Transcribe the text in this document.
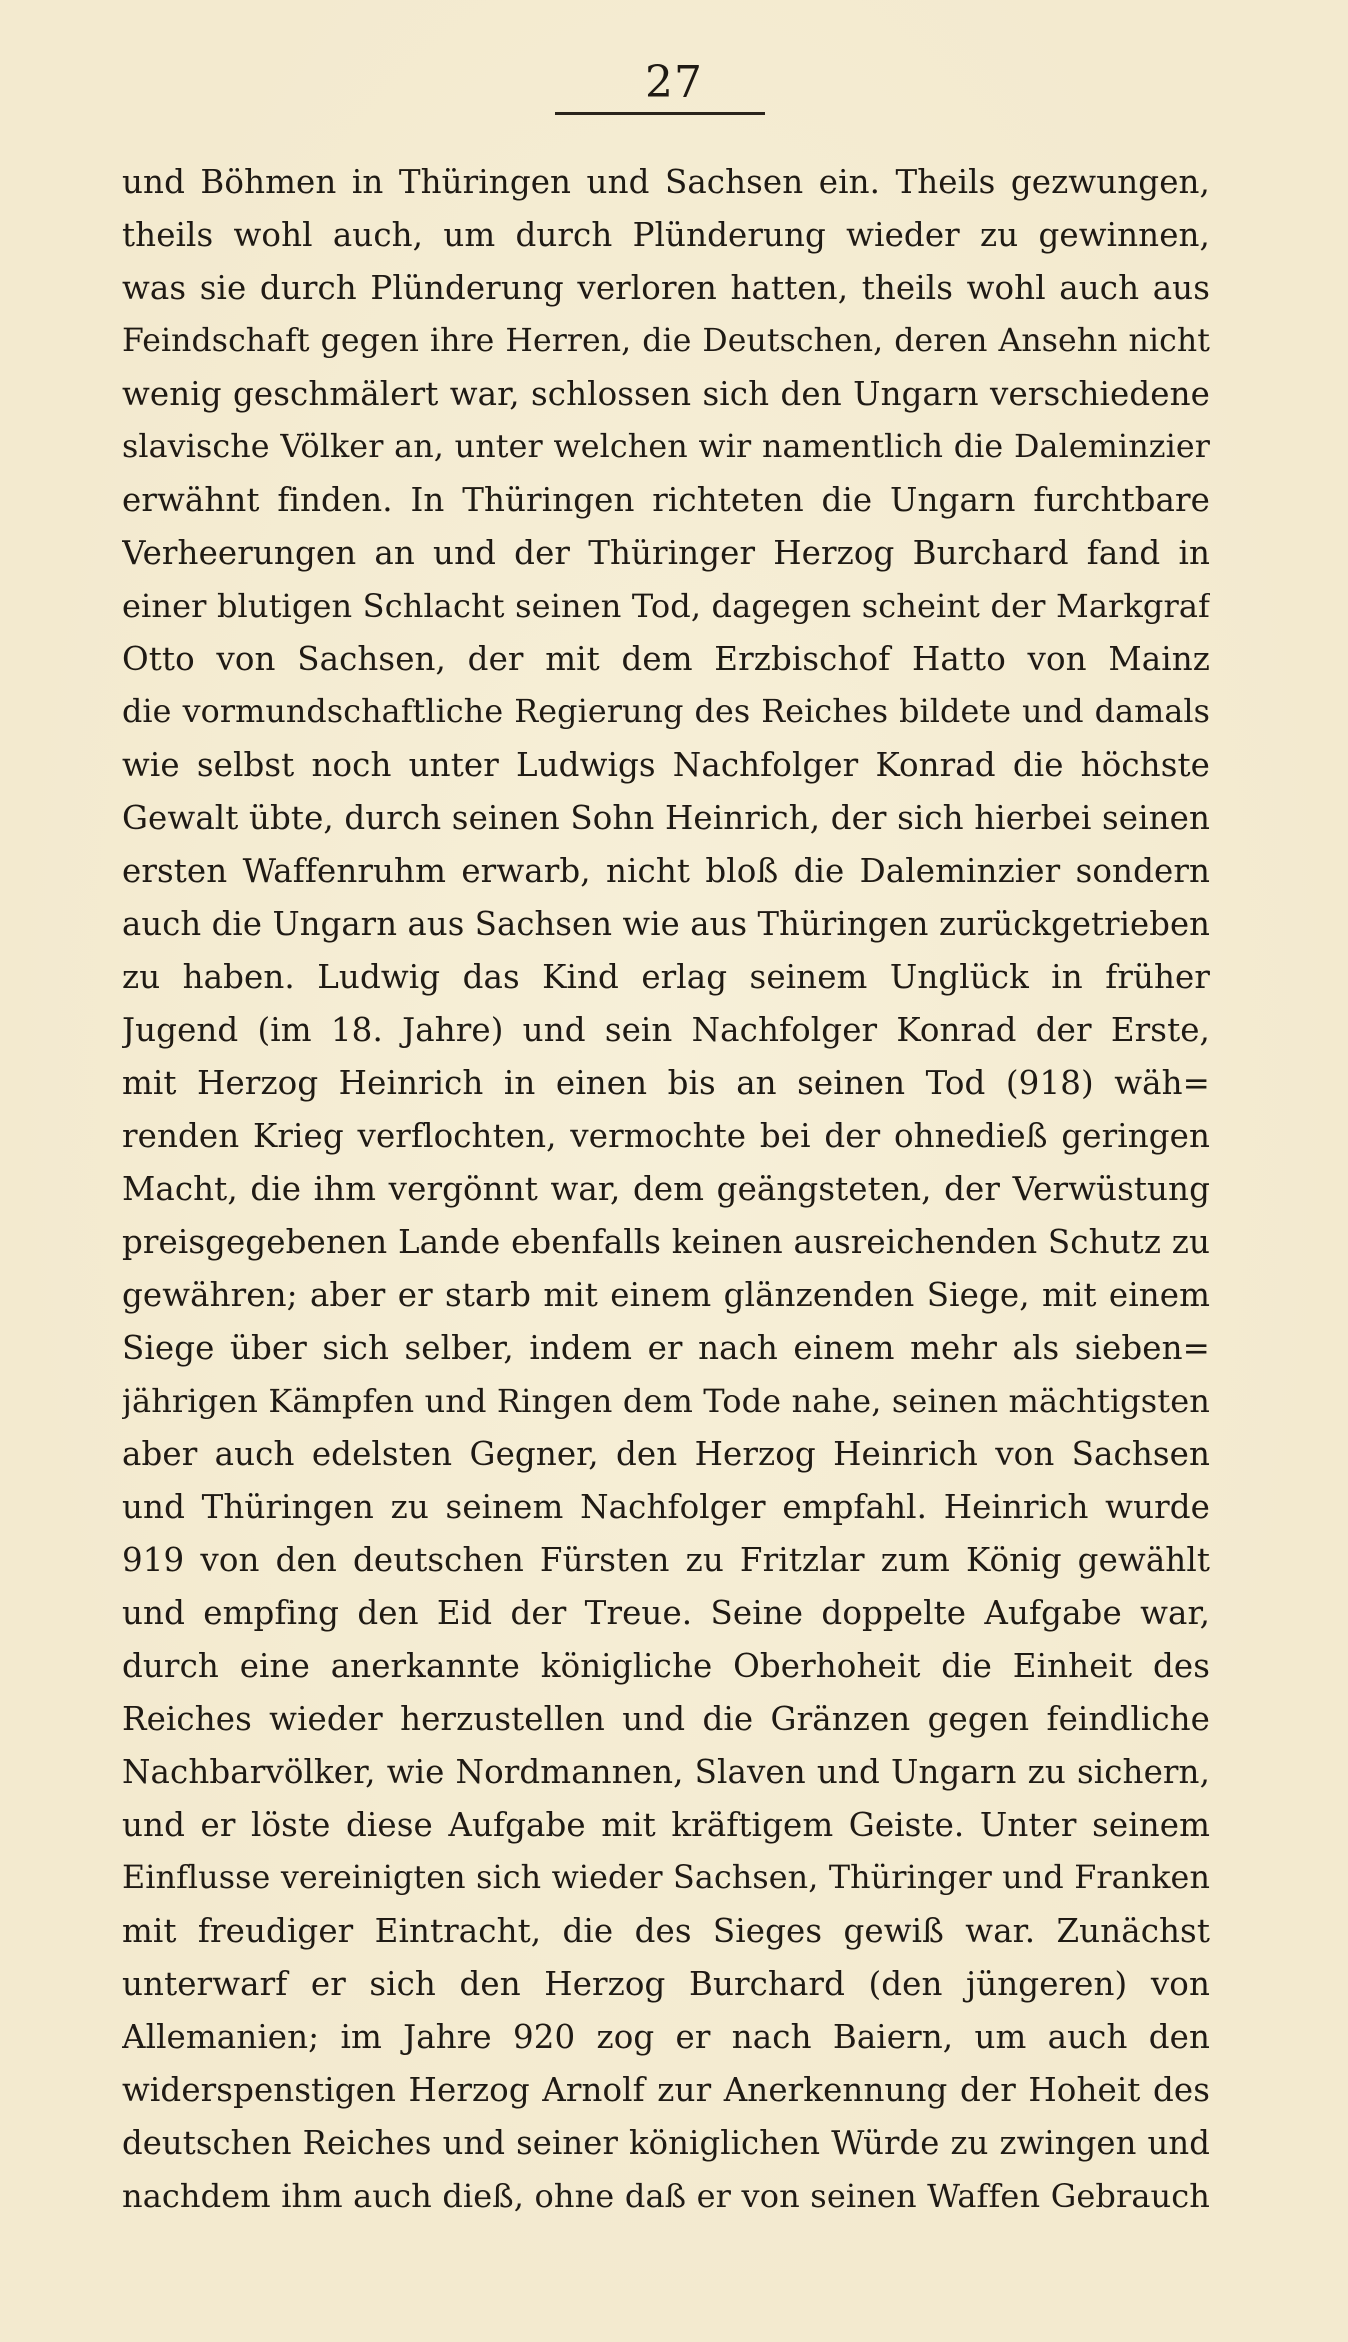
27
und Böhmen in Thüringen und Sachsen ein. Theils gezwungen,
theils wohl auch, um durch Plünderung wieder zu gewinnen,
was sie durch Plünderung verloren hatten, theils wohl auch aus
Feindschaft gegen ihre Herren, die Deutschen, deren Ansehn nicht
wenig geschmälert war, schlossen sich den Ungarn verschiedene
slavische Völker an, unter welchen wir namentlich die Daleminzier
erwähnt finden. In Thüringen richteten die Ungarn furchtbare
Verheerungen an und der Thüringer Herzog Burchard fand in
einer blutigen Schlacht seinen Tod, dagegen scheint der Markgraf
Otto von Sachsen, der mit dem Erzbischof Hatto von Mainz
die vormundschaftliche Regierung des Reiches bildete und damals
wie selbst noch unter Ludwigs Nachfolger Konrad die höchste
Gewalt übte, durch seinen Sohn Heinrich, der sich hierbei seinen
ersten Waffenruhm erwarb, nicht bloß die Daleminzier sondern
auch die Ungarn aus Sachsen wie aus Thüringen zurückgetrieben
zu haben. Ludwig das Kind erlag seinem Unglück in früher
Jugend (im 18. Jahre) und sein Nachfolger Konrad der Erste,
mit Herzog Heinrich in einen bis an seinen Tod (918) wäh=
renden Krieg verflochten, vermochte bei der ohnedieß geringen
Macht, die ihm vergönnt war, dem geängsteten, der Verwüstung
preisgegebenen Lande ebenfalls keinen ausreichenden Schutz zu
gewähren; aber er starb mit einem glänzenden Siege, mit einem
Siege über sich selber, indem er nach einem mehr als sieben=
jährigen Kämpfen und Ringen dem Tode nahe, seinen mächtigsten
aber auch edelsten Gegner, den Herzog Heinrich von Sachsen
und Thüringen zu seinem Nachfolger empfahl. Heinrich wurde
919 von den deutschen Fürsten zu Fritzlar zum König gewählt
und empfing den Eid der Treue. Seine doppelte Aufgabe war,
durch eine anerkannte königliche Oberhoheit die Einheit des
Reiches wieder herzustellen und die Gränzen gegen feindliche
Nachbarvölker, wie Nordmannen, Slaven und Ungarn zu sichern,
und er löste diese Aufgabe mit kräftigem Geiste. Unter seinem
Einflusse vereinigten sich wieder Sachsen, Thüringer und Franken
mit freudiger Eintracht, die des Sieges gewiß war. Zunächst
unterwarf er sich den Herzog Burchard (den jüngeren) von
Allemanien; im Jahre 920 zog er nach Baiern, um auch den
widerspenstigen Herzog Arnolf zur Anerkennung der Hoheit des
deutschen Reiches und seiner königlichen Würde zu zwingen und
nachdem ihm auch dieß, ohne daß er von seinen Waffen Gebrauch
